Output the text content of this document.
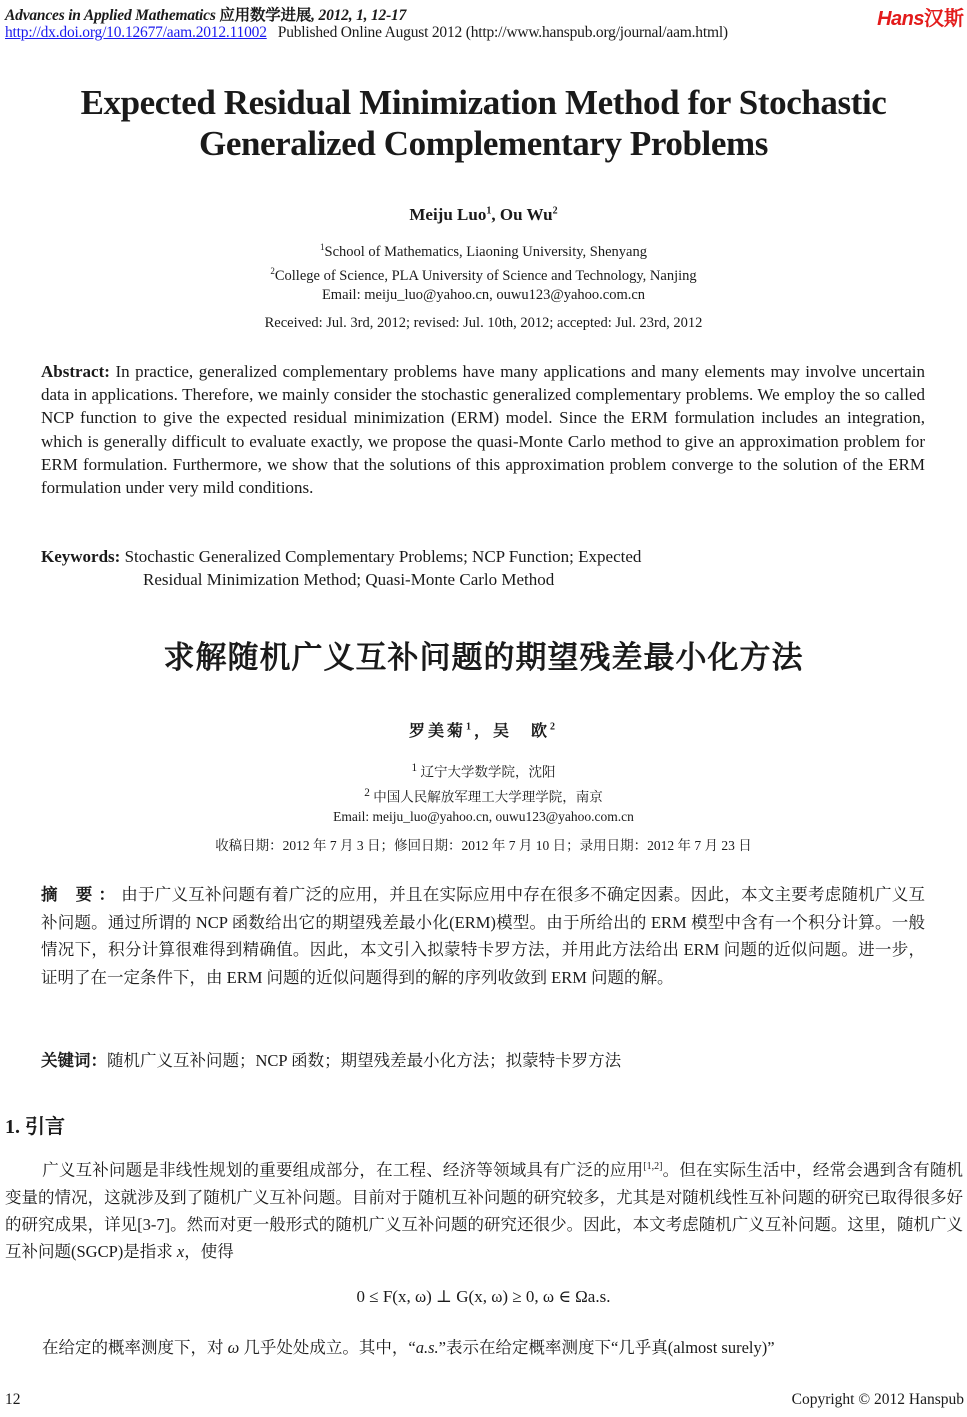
Advances in Applied Mathematics 应用数学进展, 2012, 1, 12-17
http://dx.doi.org/10.12677/aam.2012.11002 Published Online August 2012 (http://www.hanspub.org/journal/aam.html)
Hans汉斯
Expected Residual Minimization Method for Stochastic
Generalized Complementary Problems
Meiju Luo$^1$, Ou Wu$^2$
$^1$School of Mathematics, Liaoning University, Shenyang
$^2$College of Science, PLA University of Science and Technology, Nanjing
Email: meiju_luo@yahoo.cn, ouwu123@yahoo.com.cn
Received: Jul. 3rd, 2012; revised: Jul. 10th, 2012; accepted: Jul. 23rd, 2012
Abstract: In practice, generalized complementary problems have many applications and many elements may involve uncertain data in applications. Therefore, we mainly consider the stochastic generalized complementary problems. We employ the so called NCP function to give the expected residual minimization (ERM) model. Since the ERM formulation includes an integration, which is generally difficult to evaluate exactly, we propose the quasi-Monte Carlo method to give an approximation problem for ERM formulation. Furthermore, we show that the solutions of this approximation problem converge to the solution of the ERM formulation under very mild conditions.
Keywords: Stochastic Generalized Complementary Problems; NCP Function; Expected
Residual Minimization Method; Quasi-Monte Carlo Method
求解随机广义互补问题的期望残差最小化方法
罗美菊$^1$，吴　欧$^2$
$^1$ 辽宁大学数学院，沈阳
$^2$ 中国人民解放军理工大学理学院，南京
Email: meiju_luo@yahoo.cn, ouwu123@yahoo.com.cn
收稿日期：2012 年 7 月 3 日；修回日期：2012 年 7 月 10 日；录用日期：2012 年 7 月 23 日
摘 要：由于广义互补问题有着广泛的应用，并且在实际应用中存在很多不确定因素。因此，本文主要考虑随机广义互补问题。通过所谓的 NCP 函数给出它的期望残差最小化(ERM)模型。由于所给出的 ERM 模型中含有一个积分计算。一般情况下，积分计算很难得到精确值。因此，本文引入拟蒙特卡罗方法，并用此方法给出 ERM 问题的近似问题。进一步，证明了在一定条件下，由 ERM 问题的近似问题得到的解的序列收敛到 ERM 问题的解。
关键词：随机广义互补问题；NCP 函数；期望残差最小化方法；拟蒙特卡罗方法
1. 引言
广义互补问题是非线性规划的重要组成部分，在工程、经济等领域具有广泛的应用[1,2]。但在实际生活中，经常会遇到含有随机变量的情况，这就涉及到了随机广义互补问题。目前对于随机互补问题的研究较多，尤其是对随机线性互补问题的研究已取得很多好的研究成果，详见[3-7]。然而对更一般形式的随机广义互补问题的研究还很少。因此，本文考虑随机广义互补问题。这里，随机广义互补问题(SGCP)是指求 x，使得
0 ≤ F(x, ω) ⊥ G(x, ω) ≥ 0, ω ∈ Ωa.s.
在给定的概率测度下，对 ω 几乎处处成立。其中，“a.s.”表示在给定概率测度下“几乎真(almost surely)”
12	Copyright © 2012 Hanspub
